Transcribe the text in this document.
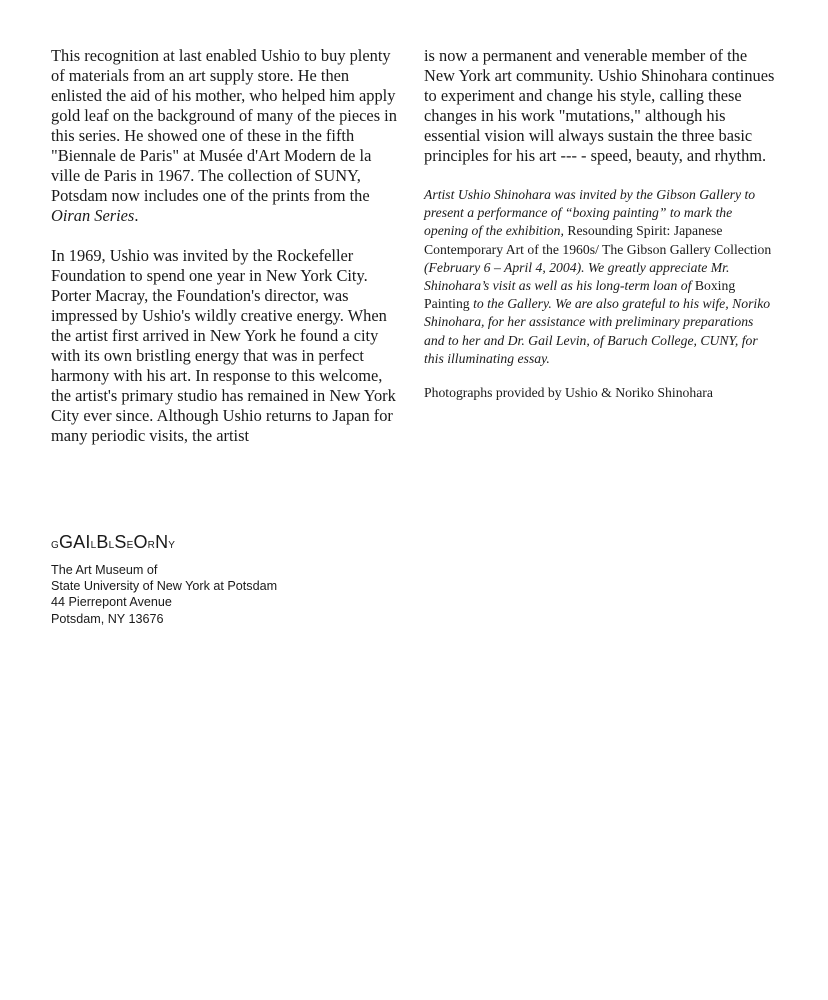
This recognition at last enabled Ushio to buy plenty of materials from an art supply store. He then enlisted the aid of his mother, who helped him apply gold leaf on the background of many of the pieces in this series. He showed one of these in the fifth "Biennale de Paris" at Musée d'Art Modern de la ville de Paris in 1967. The collection of SUNY, Potsdam now includes one of the prints from the Oiran Series.

In 1969, Ushio was invited by the Rockefeller Foundation to spend one year in New York City. Porter Macray, the Foundation's director, was impressed by Ushio's wildly creative energy. When the artist first arrived in New York he found a city with its own bristling energy that was in perfect harmony with his art. In response to this welcome, the artist's primary studio has remained in New York City ever since. Although Ushio returns to Japan for many periodic visits, the artist

is now a permanent and venerable member of the New York art community. Ushio Shinohara continues to experiment and change his style, calling these changes in his work "mutations," although his essential vision will always sustain the three basic principles for his art --- - speed, beauty, and rhythm.

Artist Ushio Shinohara was invited by the Gibson Gallery to present a performance of “boxing painting” to mark the opening of the exhibition, Resounding Spirit: Japanese Contemporary Art of the 1960s/ The Gibson Gallery Collection (February 6 – April 4, 2004). We greatly appreciate Mr. Shinohara’s visit as well as his long-term loan of Boxing Painting to the Gallery. We are also grateful to his wife, Noriko Shinohara, for her assistance with preliminary preparations and to her and Dr. Gail Levin, of Baruch College, CUNY, for this illuminating essay.

Photographs provided by Ushio & Noriko Shinohara

GGAILBLSEORNY
The Art Museum of
State University of New York at Potsdam
44 Pierrepont Avenue
Potsdam, NY 13676
